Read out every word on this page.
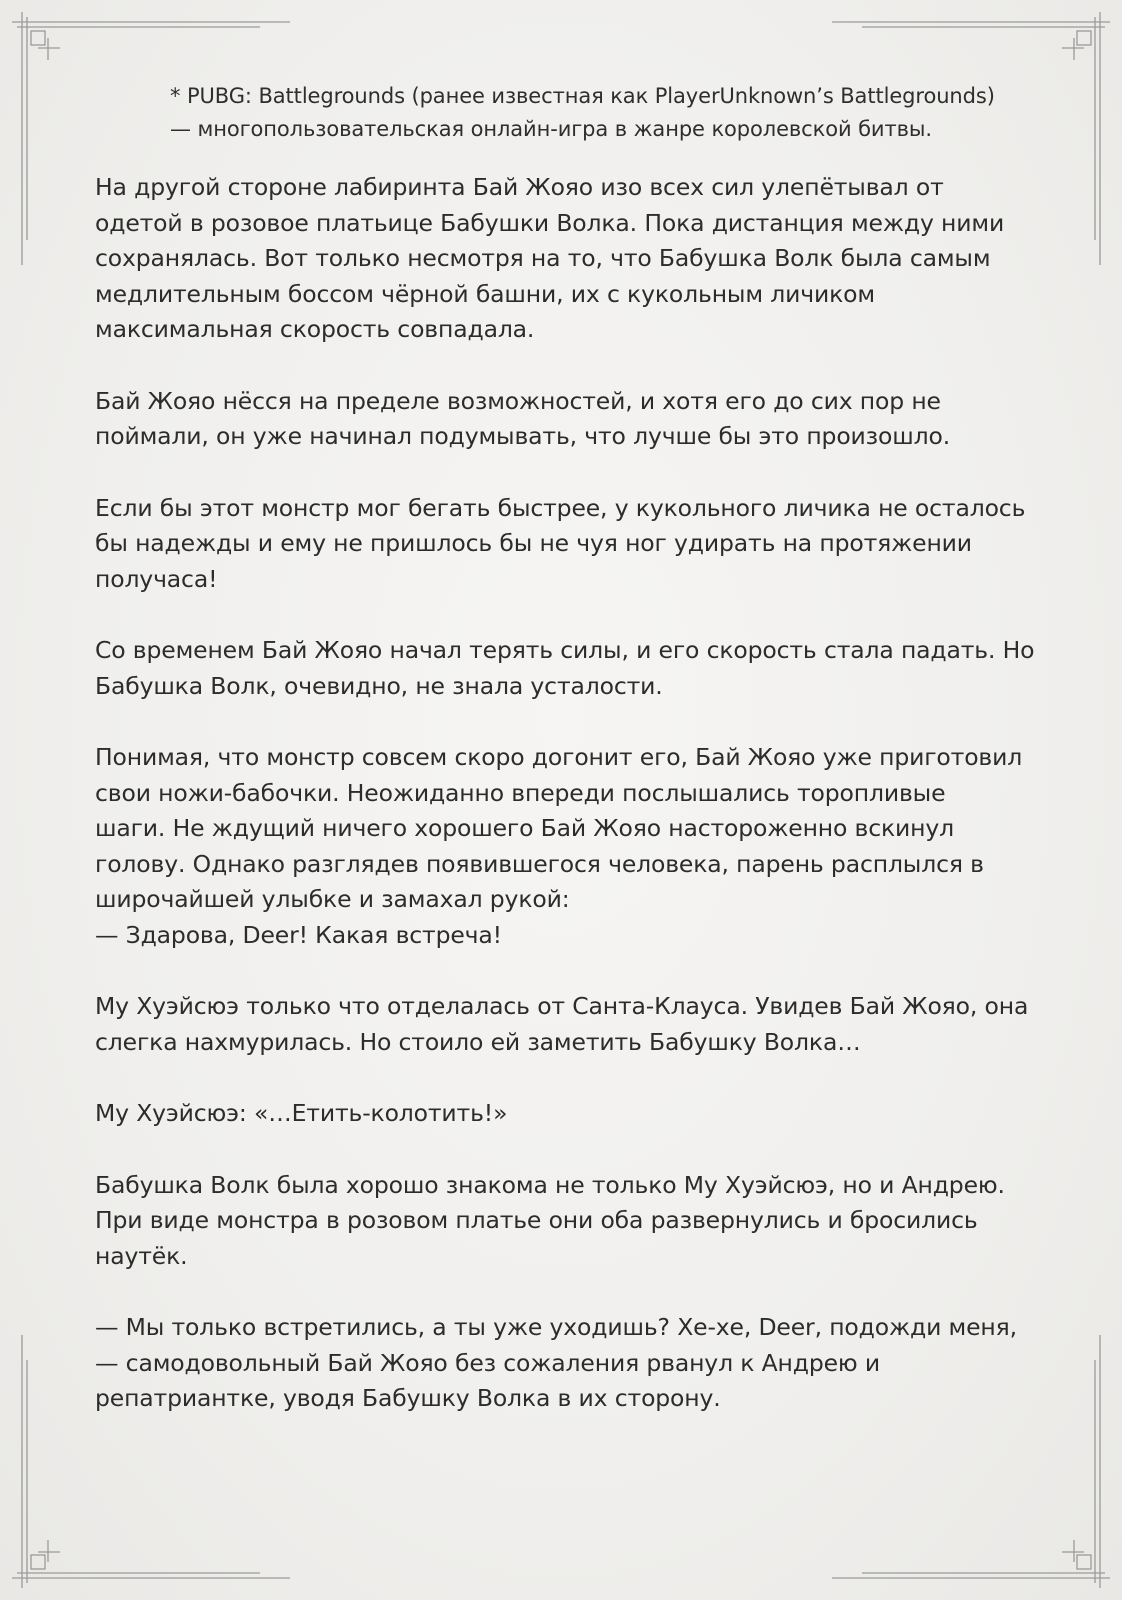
* PUBG: Battlegrounds (ранее известная как PlayerUnknown’s Battlegrounds)

— многопользовательская онлайн-игра в жанре королевской битвы.

На другой стороне лабиринта Бай Жояо изо всех сил улепётывал от
одетой в розовое платьице Бабушки Волка. Пока дистанция между ними
сохранялась. Вот только несмотря на то, что Бабушка Волк была самым
медлительным боссом чёрной башни, их с кукольным личиком
максимальная скорость совпадала.

Бай Жояо нёсся на пределе возможностей, и хотя его до сих пор не
поймали, он уже начинал подумывать, что лучше бы это произошло.

Если бы этот монстр мог бегать быстрее, у кукольного личика не осталось
бы надежды и ему не пришлось бы не чуя ног удирать на протяжении
получаса!

Со временем Бай Жояо начал терять силы, и его скорость стала падать. Но
Бабушка Волк, очевидно, не знала усталости.

Понимая, что монстр совсем скоро догонит его, Бай Жояо уже приготовил
свои ножи-бабочки. Неожиданно впереди послышались торопливые
шаги. Не ждущий ничего хорошего Бай Жояо настороженно вскинул
голову. Однако разглядев появившегося человека, парень расплылся в
широчайшей улыбке и замахал рукой:
— Здарова, Deer! Какая встреча!

Му Хуэйсюэ только что отделалась от Санта-Клауса. Увидев Бай Жояо, она
слегка нахмурилась. Но стоило ей заметить Бабушку Волка…

Му Хуэйсюэ: «…Етить-колотить!»

Бабушка Волк была хорошо знакома не только Му Хуэйсюэ, но и Андрею.
При виде монстра в розовом платье они оба развернулись и бросились
наутёк.

— Мы только встретились, а ты уже уходишь? Хе-хе, Deer, подожди меня,
— самодовольный Бай Жояо без сожаления рванул к Андрею и
репатриантке, уводя Бабушку Волка в их сторону.
